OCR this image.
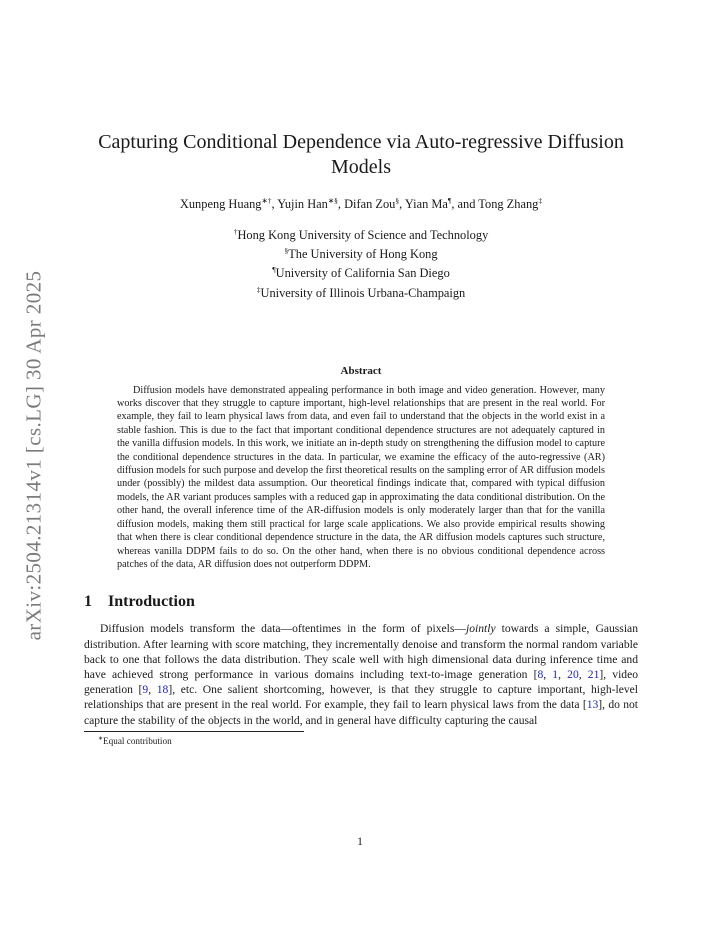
arXiv:2504.21314v1 [cs.LG] 30 Apr 2025
Capturing Conditional Dependence via Auto-regressive Diffusion Models
Xunpeng Huang∗†, Yujin Han∗§, Difan Zou§, Yian Ma¶, and Tong Zhang‡
†Hong Kong University of Science and Technology
§The University of Hong Kong
¶University of California San Diego
‡University of Illinois Urbana-Champaign
Abstract
Diffusion models have demonstrated appealing performance in both image and video generation. However, many works discover that they struggle to capture important, high-level relationships that are present in the real world. For example, they fail to learn physical laws from data, and even fail to understand that the objects in the world exist in a stable fashion. This is due to the fact that important conditional dependence structures are not adequately captured in the vanilla diffusion models. In this work, we initiate an in-depth study on strengthening the diffusion model to capture the conditional dependence structures in the data. In particular, we examine the efficacy of the auto-regressive (AR) diffusion models for such purpose and develop the first theoretical results on the sampling error of AR diffusion models under (possibly) the mildest data assumption. Our theoretical findings indicate that, compared with typical diffusion models, the AR variant produces samples with a reduced gap in approximating the data conditional distribution. On the other hand, the overall inference time of the AR-diffusion models is only moderately larger than that for the vanilla diffusion models, making them still practical for large scale applications. We also provide empirical results showing that when there is clear conditional dependence structure in the data, the AR diffusion models captures such structure, whereas vanilla DDPM fails to do so. On the other hand, when there is no obvious conditional dependence across patches of the data, AR diffusion does not outperform DDPM.
1 Introduction

Diffusion models transform the data—oftentimes in the form of pixels—jointly towards a simple, Gaussian distribution. After learning with score matching, they incrementally denoise and transform the normal random variable back to one that follows the data distribution. They scale well with high dimensional data during inference time and have achieved strong performance in various domains including text-to-image generation [8, 1, 20, 21], video generation [9, 18], etc. One salient shortcoming, however, is that they struggle to capture important, high-level relationships that are present in the real world. For example, they fail to learn physical laws from the data [13], do not capture the stability of the objects in the world, and in general have difficulty capturing the causal

∗Equal contribution
1
